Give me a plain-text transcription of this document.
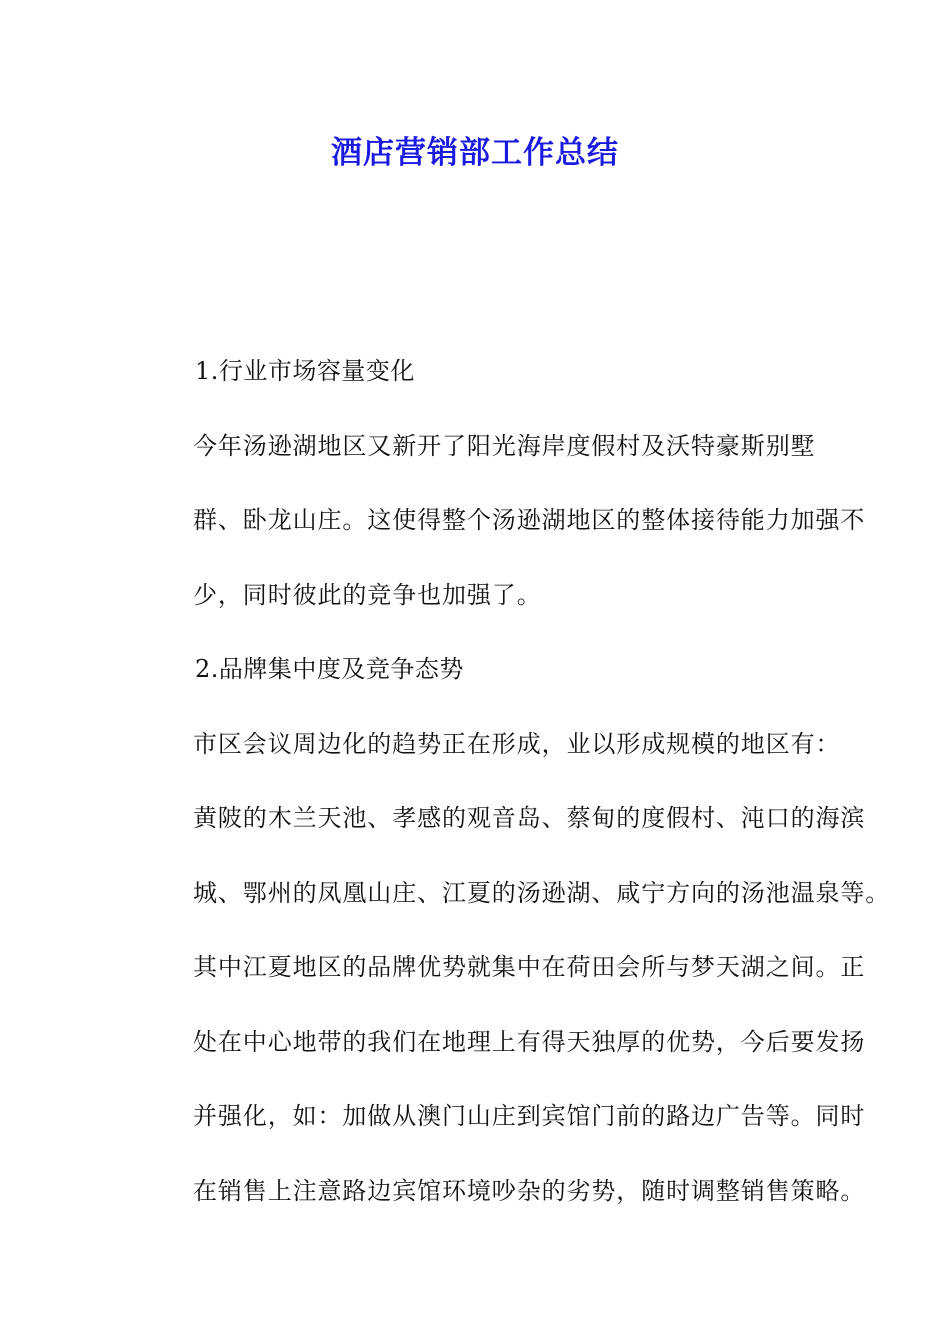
酒店营销部工作总结

1.行业市场容量变化

今年汤逊湖地区又新开了阳光海岸度假村及沃特豪斯别墅
群、卧龙山庄。这使得整个汤逊湖地区的整体接待能力加强不
少，同时彼此的竞争也加强了。

2.品牌集中度及竞争态势

市区会议周边化的趋势正在形成，业以形成规模的地区有：
黄陂的木兰天池、孝感的观音岛、蔡甸的度假村、沌口的海滨
城、鄂州的凤凰山庄、江夏的汤逊湖、咸宁方向的汤池温泉等。
其中江夏地区的品牌优势就集中在荷田会所与梦天湖之间。正
处在中心地带的我们在地理上有得天独厚的优势，今后要发扬
并强化，如：加做从澳门山庄到宾馆门前的路边广告等。同时
在销售上注意路边宾馆环境吵杂的劣势，随时调整销售策略。
